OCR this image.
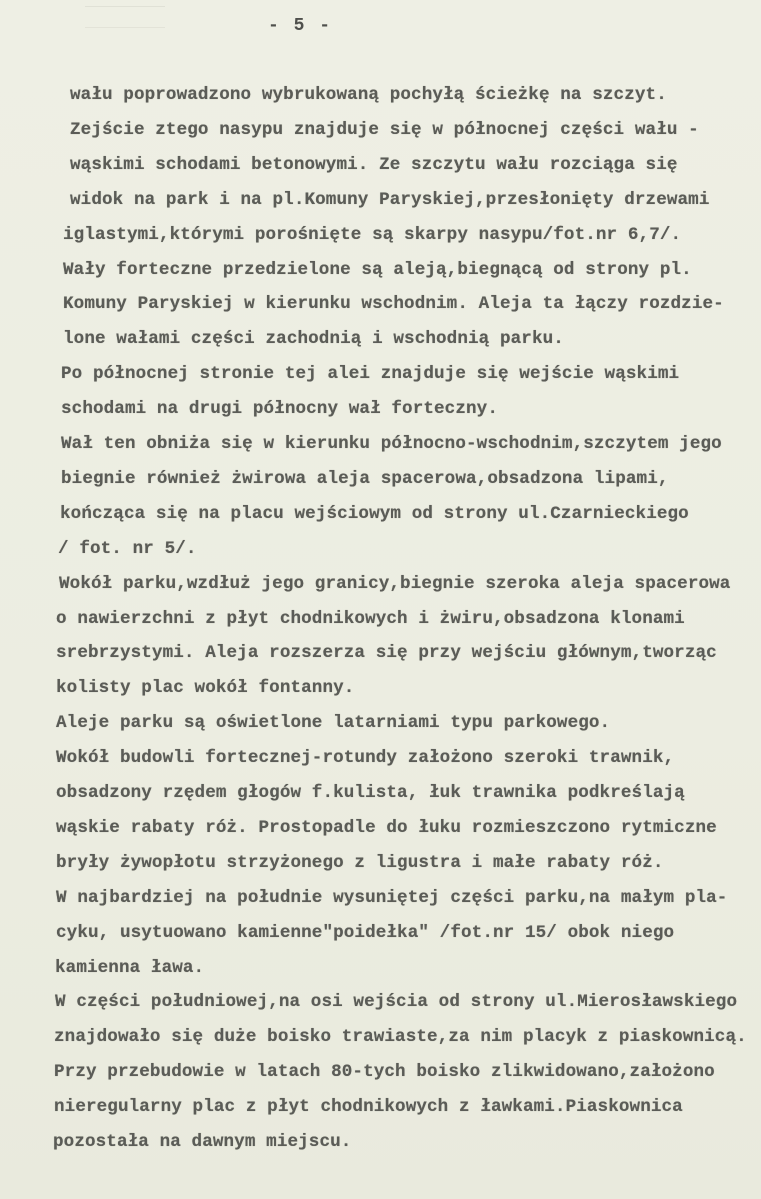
- 5 -
wału poprowadzono wybrukowaną pochyłą ścieżkę na szczyt.
Zejście ztego nasypu znajduje się w północnej części wału -
wąskimi schodami betonowymi. Ze szczytu wału rozciąga się
widok na park i na pl.Komuny Paryskiej,przesłonięty drzewami
iglastymi,którymi porośnięte są skarpy nasypu/fot.nr 6,7/.
Wały forteczne przedzielone są aleją,biegnącą od strony pl.
Komuny Paryskiej w kierunku wschodnim. Aleja ta łączy rozdzie-
lone wałami części zachodnią i wschodnią parku.
Po północnej stronie tej alei znajduje się wejście wąskimi
schodami na drugi północny wał forteczny.
Wał ten obniża się w kierunku północno-wschodnim,szczytem jego
biegnie również żwirowa aleja spacerowa,obsadzona lipami,
kończąca się na placu wejściowym od strony ul.Czarnieckiego
/ fot. nr 5/.
Wokół parku,wzdłuż jego granicy,biegnie szeroka aleja spacerowa
o nawierzchni z płyt chodnikowych i żwiru,obsadzona klonami
srebrzystymi. Aleja rozszerza się przy wejściu głównym,tworząc
kolisty plac wokół fontanny.
Aleje parku są oświetlone latarniami typu parkowego.
Wokół budowli fortecznej-rotundy założono szeroki trawnik,
obsadzony rzędem głogów f.kulista, łuk trawnika podkreślają
wąskie rabaty róż. Prostopadle do łuku rozmieszczono rytmiczne
bryły żywopłotu strzyżonego z ligustra i małe rabaty róż.
W najbardziej na południe wysuniętej części parku,na małym pla-
cyku, usytuowano kamienne"poidełka" /fot.nr 15/ obok niego
kamienna ława.
W części południowej,na osi wejścia od strony ul.Mierosławskiego
znajdowało się duże boisko trawiaste,za nim placyk z piaskownicą.
Przy przebudowie w latach 80-tych boisko zlikwidowano,założono
nieregularny plac z płyt chodnikowych z ławkami.Piaskownica
pozostała na dawnym miejscu.
